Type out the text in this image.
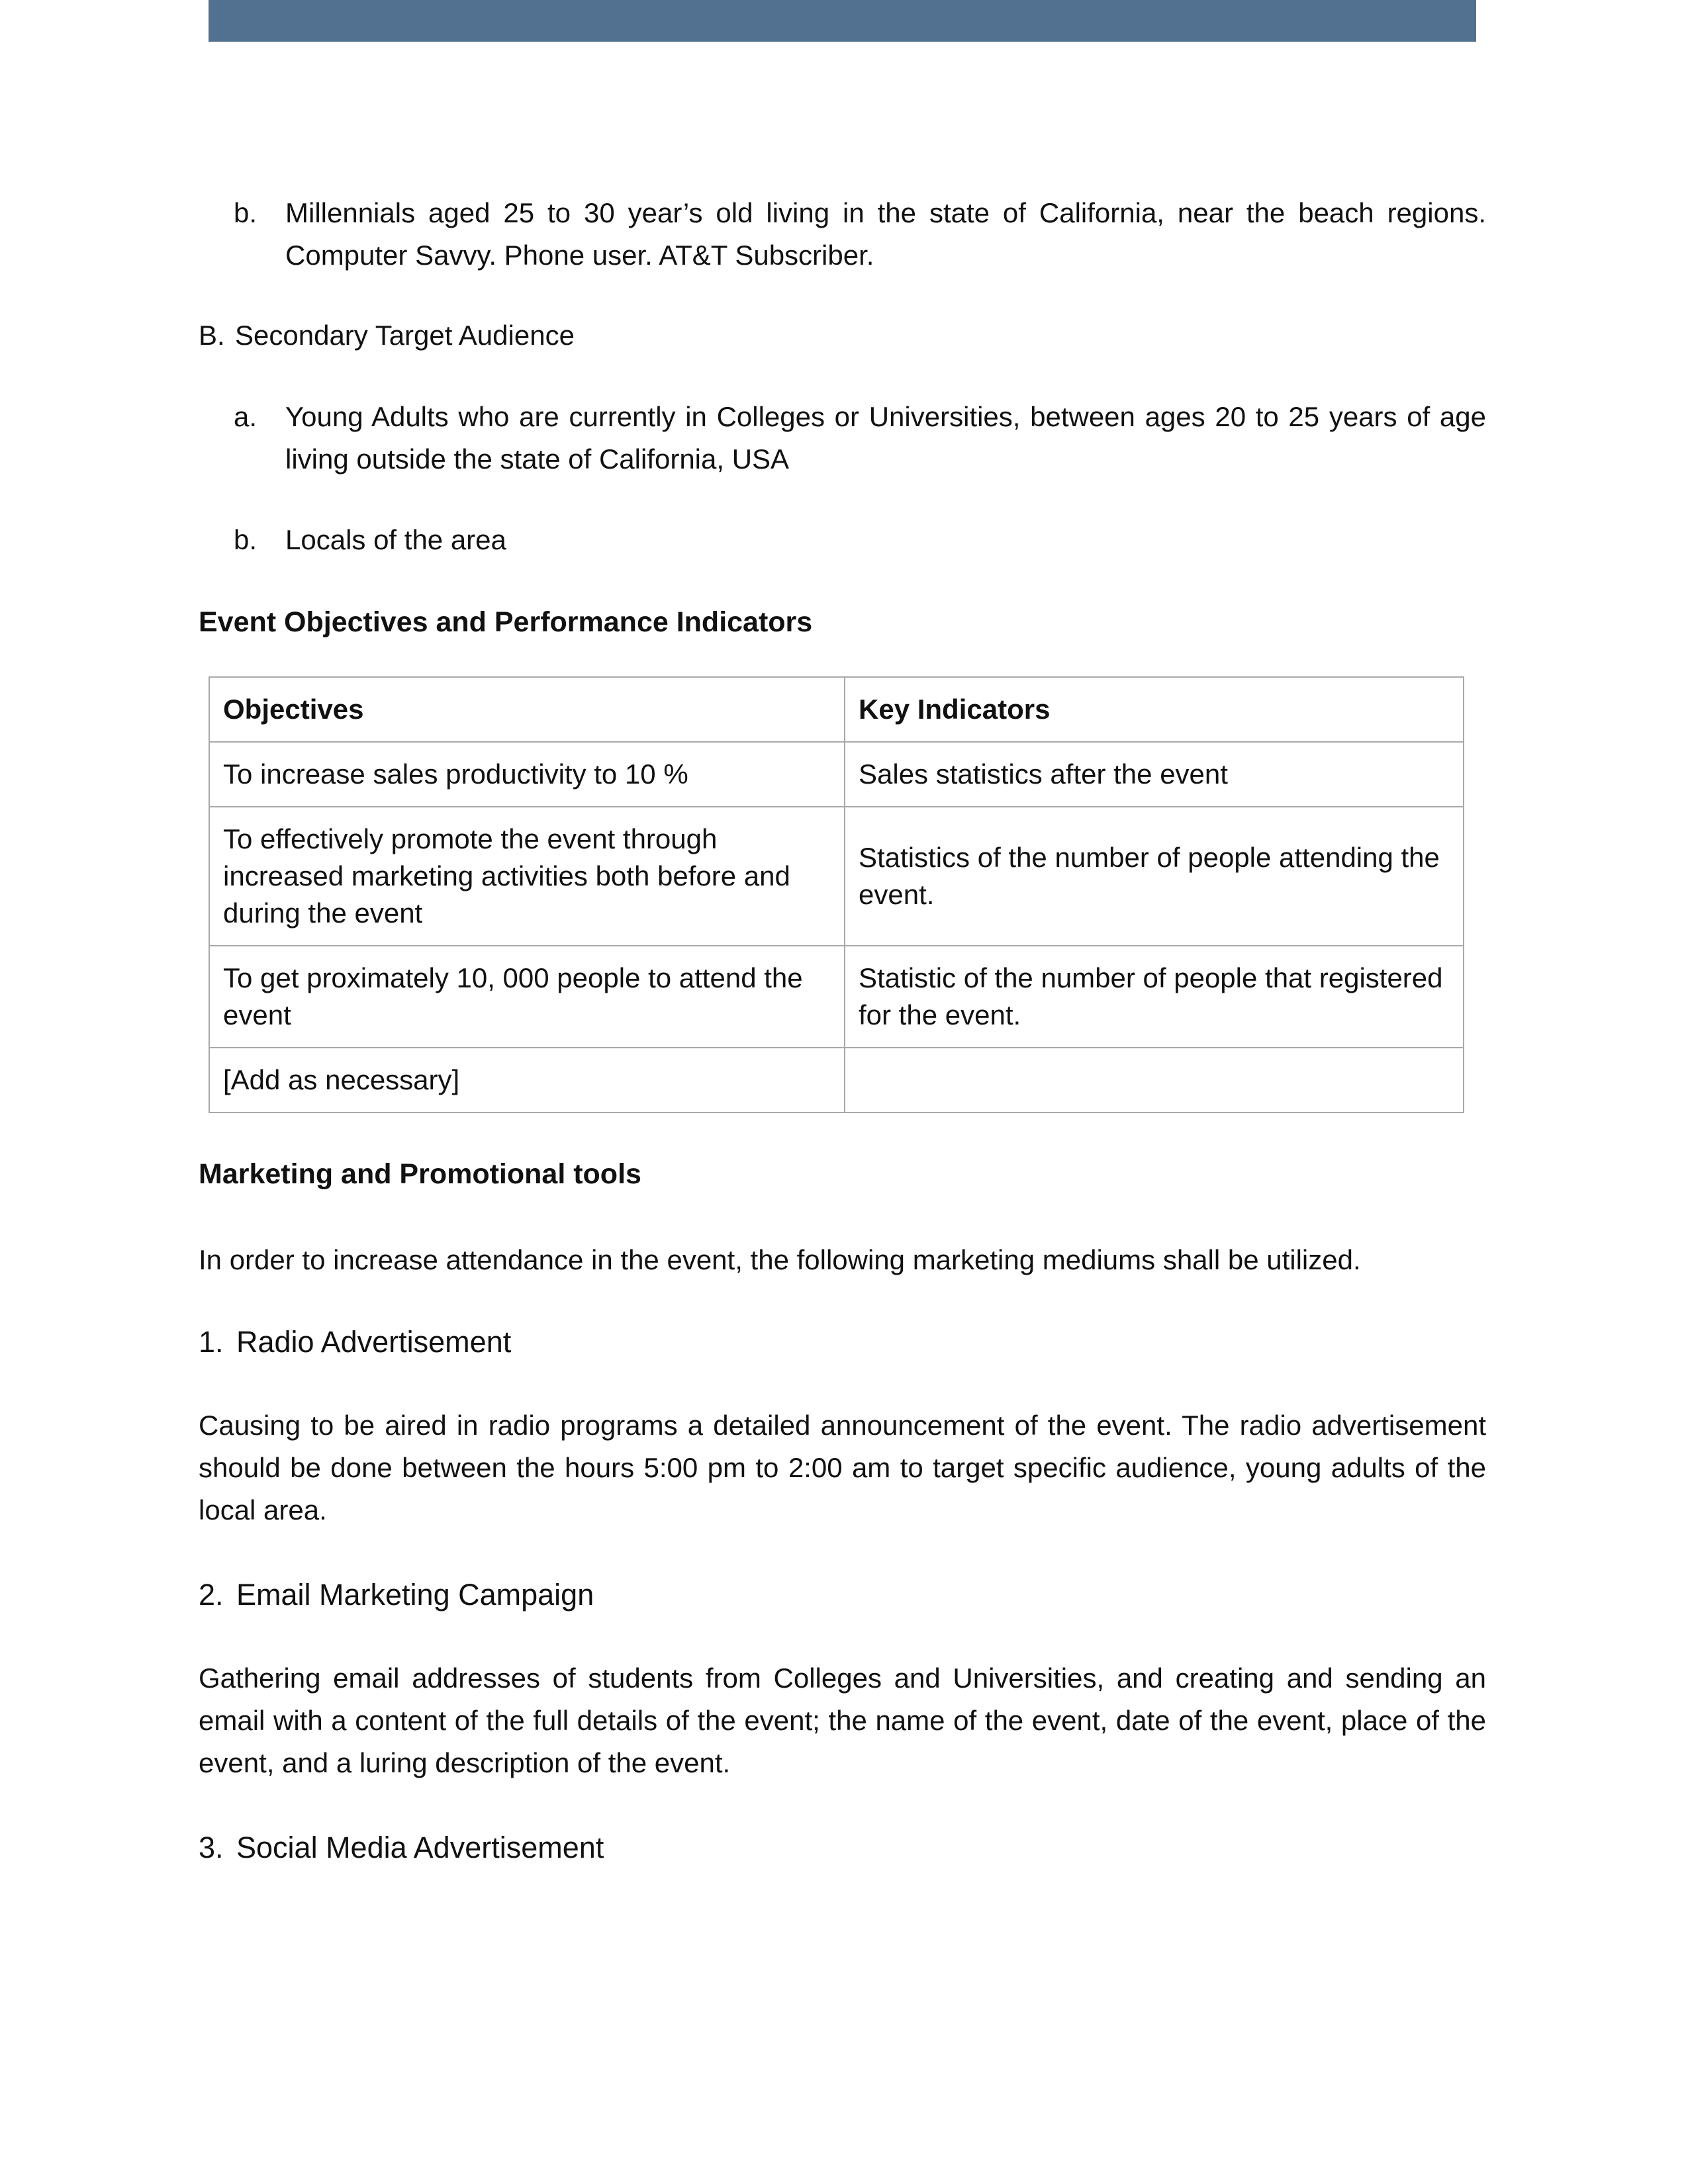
b.	Millennials aged 25 to 30 year’s old living in the state of California, near the beach regions. Computer Savvy. Phone user. AT&T Subscriber.
B. Secondary Target Audience
a.	Young Adults who are currently in Colleges or Universities, between ages 20 to 25 years of age living outside the state of California, USA
b.	Locals of the area
Event Objectives and Performance Indicators
Objectives	Key Indicators
To increase sales productivity to 10 %	Sales statistics after the event
To effectively promote the event through increased marketing activities both before and during the event	Statistics of the number of people attending the event.
To get proximately 10, 000 people to attend the event	Statistic of the number of people that registered for the event.
[Add as necessary]	
Marketing and Promotional tools
In order to increase attendance in the event, the following marketing mediums shall be utilized.
1. Radio Advertisement
Causing to be aired in radio programs a detailed announcement of the event. The radio advertisement should be done between the hours 5:00 pm to 2:00 am to target specific audience, young adults of the local area.
2. Email Marketing Campaign
Gathering email addresses of students from Colleges and Universities, and creating and sending an email with a content of the full details of the event; the name of the event, date of the event, place of the event, and a luring description of the event.
3. Social Media Advertisement
